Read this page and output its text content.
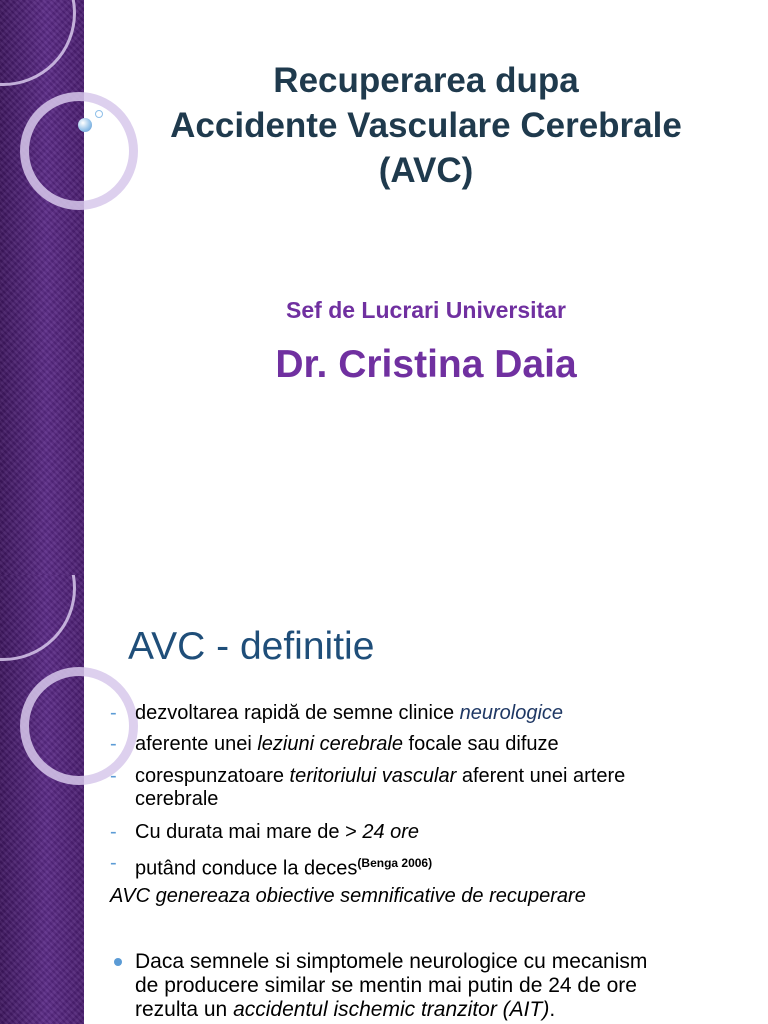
Recuperarea dupa
Accidente Vasculare Cerebrale
(AVC)
Sef de Lucrari Universitar
Dr. Cristina Daia
AVC - definitie
- dezvoltarea rapidă de semne clinice neurologice
- aferente unei leziuni cerebrale focale sau difuze
- corespunzatoare teritoriului vascular aferent unei artere
cerebrale
- Cu durata mai mare de > 24 ore
- putând conduce la deces$^{(Benga 2006)}$
AVC genereaza obiective semnificative de recuperare
Daca semnele si simptomele neurologice cu mecanism
de producere similar se mentin mai putin de 24 de ore
rezulta un accidentul ischemic tranzitor (AIT).
